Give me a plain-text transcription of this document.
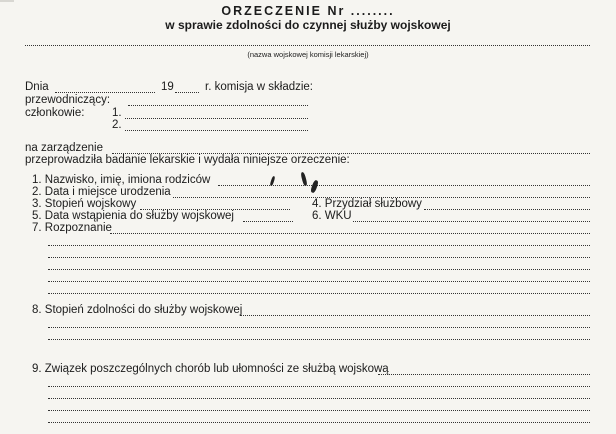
ORZECZENIE Nr ........
w sprawie zdolności do czynnej służby wojskowej
(nazwa wojskowej komisji lekarskiej)
Dnia	19	r. komisja w składzie:
przewodniczący:
członkowie: 1.
2.
na zarządzenie
przeprowadziła badanie lekarskie i wydała niniejsze orzeczenie:
1. Nazwisko, imię, imiona rodziców
2. Data i miejsce urodzenia
3. Stopień wojskowy	4. Przydział służbowy
5. Data wstąpienia do służby wojskowej	6. WKU
7. Rozpoznanie
8. Stopień zdolności do służby wojskowej
9. Związek poszczególnych chorób lub ułomności ze służbą wojskową
